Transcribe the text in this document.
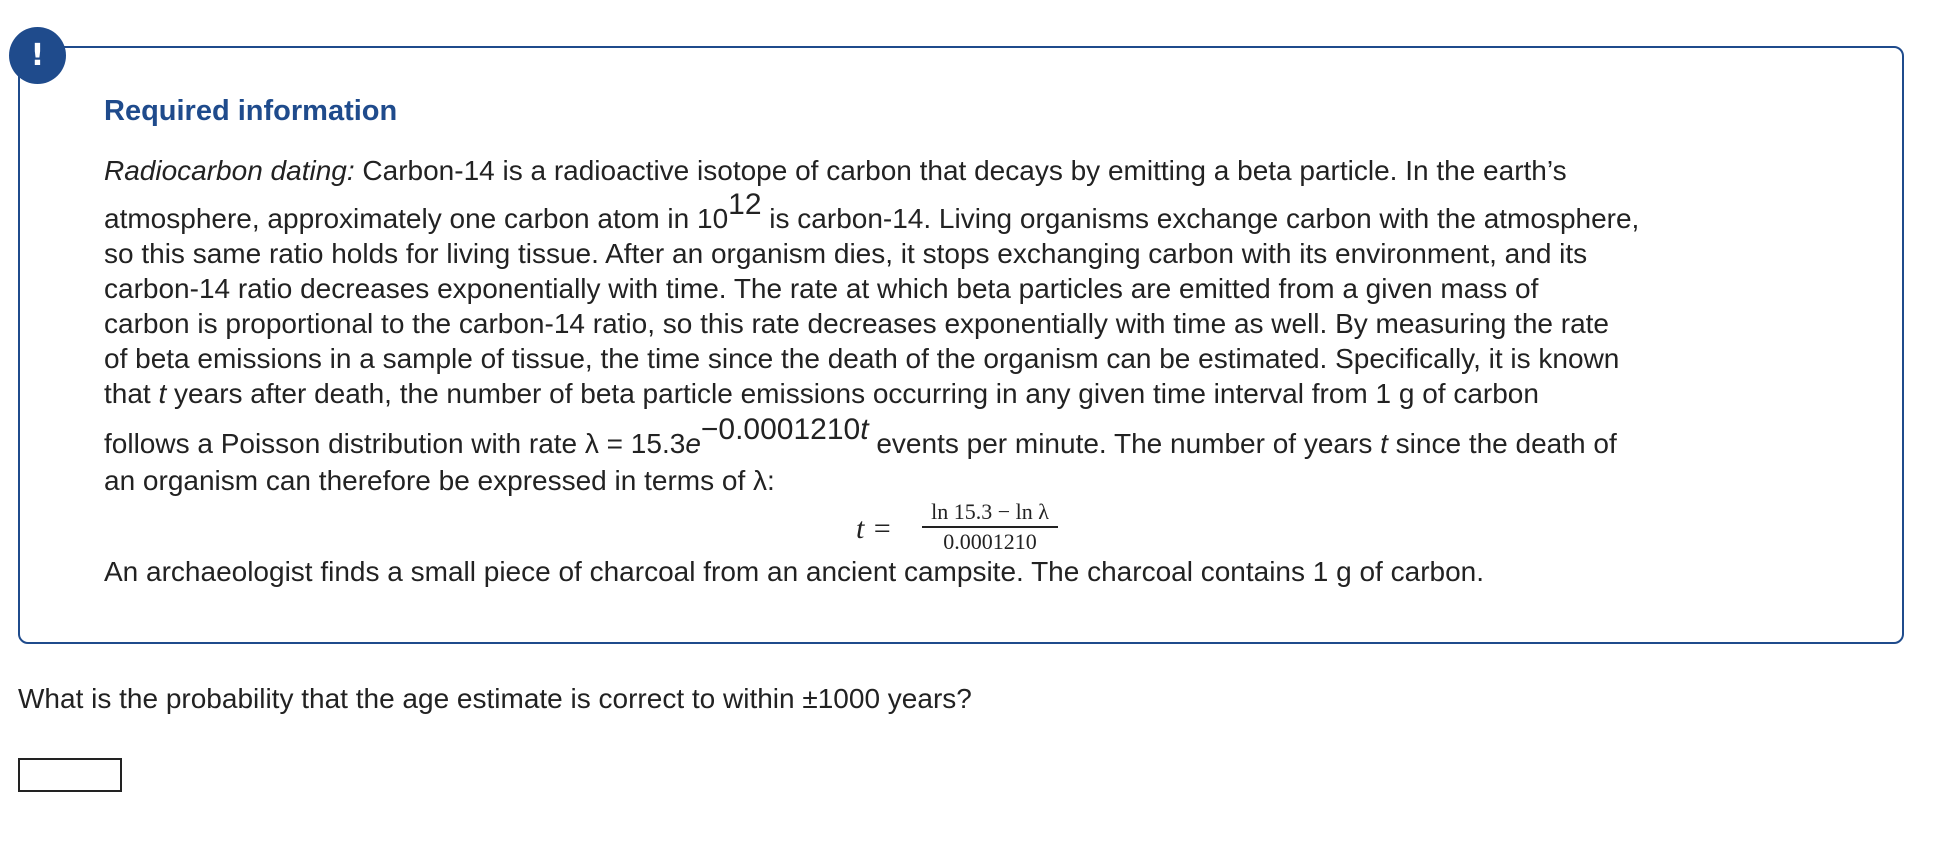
!
Required information

Radiocarbon dating: Carbon-14 is a radioactive isotope of carbon that decays by emitting a beta particle. In the earth’s

atmosphere, approximately one carbon atom in 1012 is carbon-14. Living organisms exchange carbon with the atmosphere,

so this same ratio holds for living tissue. After an organism dies, it stops exchanging carbon with its environment, and its

carbon-14 ratio decreases exponentially with time. The rate at which beta particles are emitted from a given mass of

carbon is proportional to the carbon-14 ratio, so this rate decreases exponentially with time as well. By measuring the rate

of beta emissions in a sample of tissue, the time since the death of the organism can be estimated. Specifically, it is known

that t years after death, the number of beta particle emissions occurring in any given time interval from 1 g of carbon

follows a Poisson distribution with rate λ = 15.3e−0.0001210t events per minute. The number of years t since the death of

an organism can therefore be expressed in terms of λ:

t =
ln 15.3 − ln λ
0.0001210

An archaeologist finds a small piece of charcoal from an ancient campsite. The charcoal contains 1 g of carbon.

What is the probability that the age estimate is correct to within ±1000 years?
